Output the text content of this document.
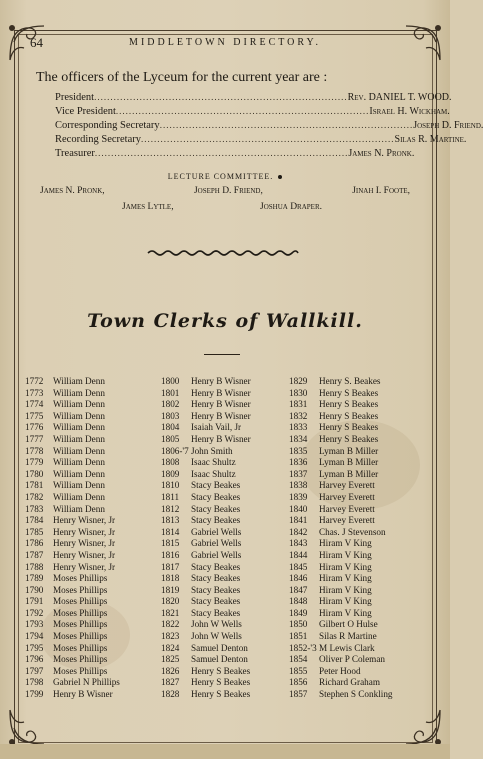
64	MIDDLETOWN DIRECTORY.
The officers of the Lyceum for the current year are :
President .............................................................................. Rev. DANIEL T. WOOD.
Vice President .............................................................................. Israel H. Wickham.
Corresponding Secretary .............................................................................. Joseph D. Friend.
Recording Secretary .............................................................................. Silas R. Martine.
Treasurer .............................................................................. James N. Pronk.
LECTURE COMMITTEE.
James N. Pronk,	Joseph D. Friend,	Jinah I. Foote,
James Lytle,	Joshua Draper.
Town Clerks of Wallkill.
1772 William Denn
1773 William Denn
1774 William Denn
1775 William Denn
1776 William Denn
1777 William Denn
1778 William Denn
1779 William Denn
1780 William Denn
1781 William Denn
1782 William Denn
1783 William Denn
1784 Henry Wisner, Jr
1785 Henry Wisner, Jr
1786 Henry Wisner, Jr
1787 Henry Wisner, Jr
1788 Henry Wisner, Jr
1789 Moses Phillips
1790 Moses Phillips
1791 Moses Phillips
1792 Moses Phillips
1793 Moses Phillips
1794 Moses Phillips
1795 Moses Phillips
1796 Moses Phillips
1797 Moses Phillips
1798 Gabriel N Phillips
1799 Henry B Wisner
1800 Henry B Wisner
1801 Henry B Wisner
1802 Henry B Wisner
1803 Henry B Wisner
1804 Isaiah Vail, Jr
1805 Henry B Wisner
1806-'7 John Smith
1808 Isaac Shultz
1809 Isaac Shultz
1810 Stacy Beakes
1811 Stacy Beakes
1812 Stacy Beakes
1813 Stacy Beakes
1814 Gabriel Wells
1815 Gabriel Wells
1816 Gabriel Wells
1817 Stacy Beakes
1818 Stacy Beakes
1819 Stacy Beakes
1820 Stacy Beakes
1821 Stacy Beakes
1822 John W Wells
1823 John W Wells
1824 Samuel Denton
1825 Samuel Denton
1826 Henry S Beakes
1827 Henry S Beakes
1828 Henry S Beakes
1829 Henry S. Beakes
1830 Henry S Beakes
1831 Henry S Beakes
1832 Henry S Beakes
1833 Henry S Beakes
1834 Henry S Beakes
1835 Lyman B Miller
1836 Lyman B Miller
1837 Lyman B Miller
1838 Harvey Everett
1839 Harvey Everett
1840 Harvey Everett
1841 Harvey Everett
1842 Chas. J Stevenson
1843 Hiram V King
1844 Hiram V King
1845 Hiram V King
1846 Hiram V King
1847 Hiram V King
1848 Hiram V King
1849 Hiram V King
1850 Gilbert O Hulse
1851 Silas R Martine
1852-'3 M Lewis Clark
1854 Oliver P Coleman
1855 Peter Hood
1856 Richard Graham
1857 Stephen S Conkling
